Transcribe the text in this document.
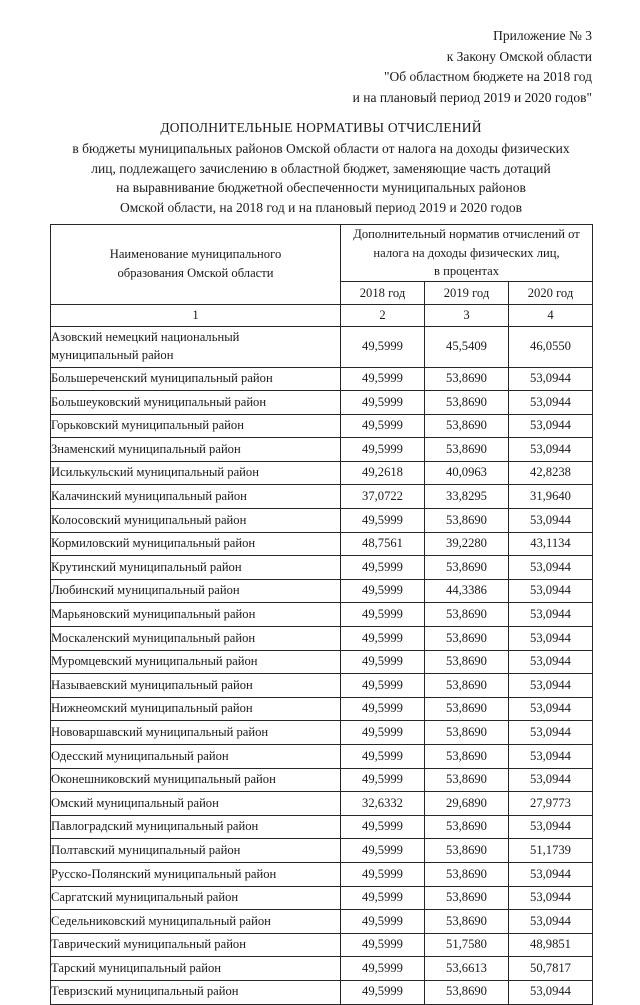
Приложение № 3
к Закону Омской области
"Об областном бюджете на 2018 год
и на плановый период 2019 и 2020 годов"
ДОПОЛНИТЕЛЬНЫЕ НОРМАТИВЫ ОТЧИСЛЕНИЙ
в бюджеты муниципальных районов Омской области от налога на доходы физических
лиц, подлежащего зачислению в областной бюджет, заменяющие часть дотаций
на выравнивание бюджетной обеспеченности муниципальных районов
Омской области, на 2018 год и на плановый период 2019 и 2020 годов
Наименование муниципального
образования Омской области	Дополнительный норматив отчислений от
налога на доходы физических лиц,
в процентах		
	2018 год	2019 год	2020 год
1	2	3	4

Азовский немецкий национальный
муниципальный район	49,5999	45,5409	46,0550
Большереченский муниципальный район	49,5999	53,8690	53,0944
Большеуковский муниципальный район	49,5999	53,8690	53,0944
Горьковский муниципальный район	49,5999	53,8690	53,0944
Знаменский муниципальный район	49,5999	53,8690	53,0944
Исилькульский муниципальный район	49,2618	40,0963	42,8238
Калачинский муниципальный район	37,0722	33,8295	31,9640
Колосовский муниципальный район	49,5999	53,8690	53,0944
Кормиловский муниципальный район	48,7561	39,2280	43,1134
Крутинский муниципальный район	49,5999	53,8690	53,0944
Любинский муниципальный район	49,5999	44,3386	53,0944
Марьяновский муниципальный район	49,5999	53,8690	53,0944
Москаленский муниципальный район	49,5999	53,8690	53,0944
Муромцевский муниципальный район	49,5999	53,8690	53,0944
Называевский муниципальный район	49,5999	53,8690	53,0944
Нижнеомский муниципальный район	49,5999	53,8690	53,0944
Нововаршавский муниципальный район	49,5999	53,8690	53,0944
Одесский муниципальный район	49,5999	53,8690	53,0944
Оконешниковский муниципальный район	49,5999	53,8690	53,0944
Омский муниципальный район	32,6332	29,6890	27,9773
Павлоградский муниципальный район	49,5999	53,8690	53,0944
Полтавский муниципальный район	49,5999	53,8690	51,1739
Русско-Полянский муниципальный район	49,5999	53,8690	53,0944
Саргатский муниципальный район	49,5999	53,8690	53,0944
Седельниковский муниципальный район	49,5999	53,8690	53,0944
Таврический муниципальный район	49,5999	51,7580	48,9851
Тарский муниципальный район	49,5999	53,6613	50,7817
Тевризский муниципальный район	49,5999	53,8690	53,0944
